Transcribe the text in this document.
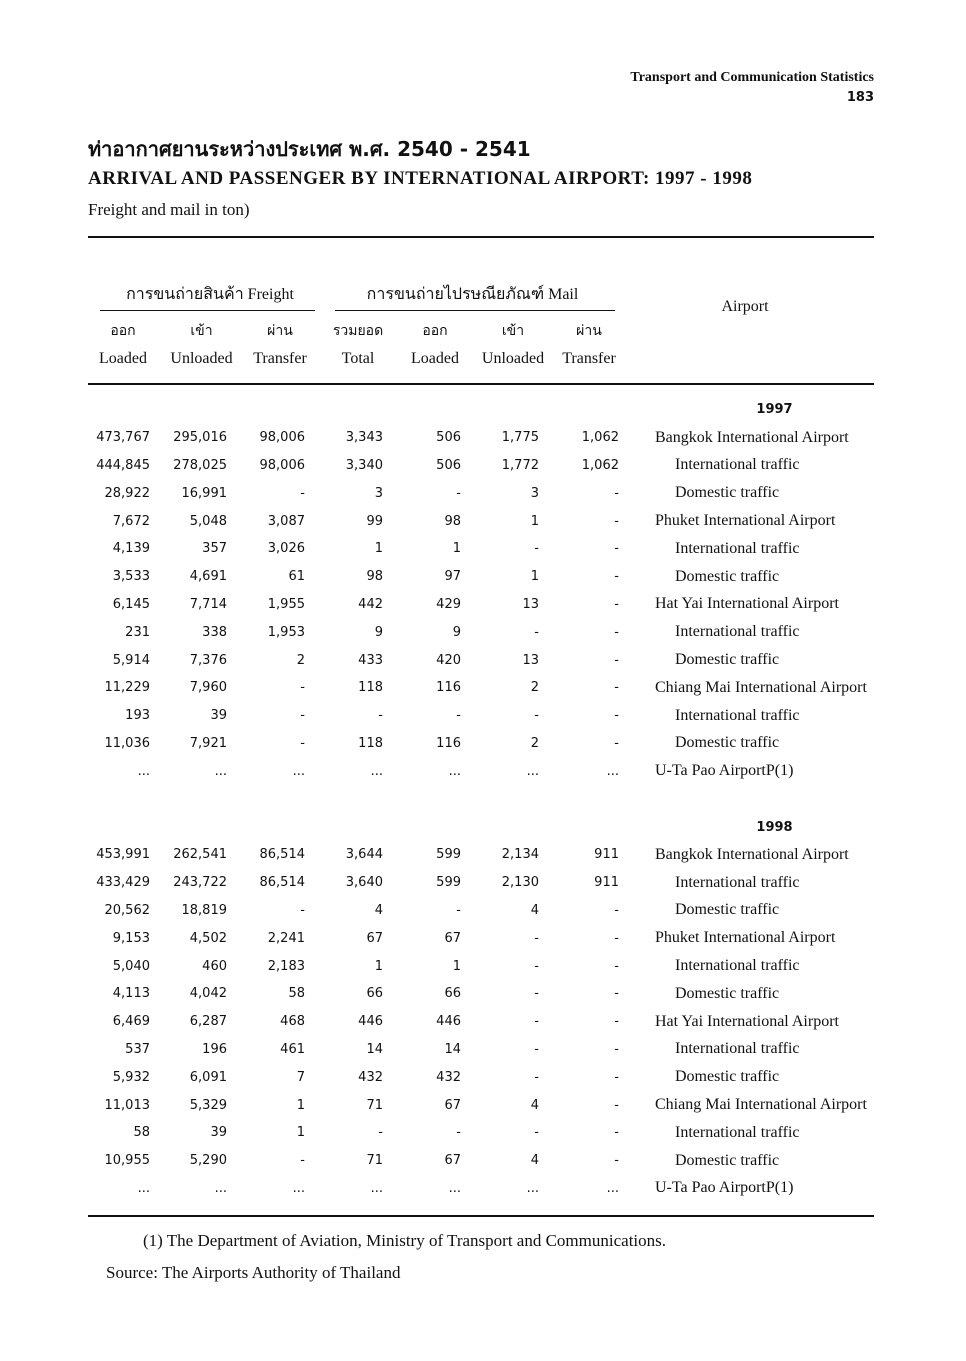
Transport and Communication Statistics
183
ท่าอากาศยานระหว่างประเทศ พ.ศ. 2540 - 2541
ARRIVAL AND PASSENGER BY INTERNATIONAL AIRPORT: 1997 - 1998
Freight and mail in ton)
การขนถ่ายสินค้า Freight	การขนถ่ายไปรษณียภัณฑ์ Mail
Airport
ออก	เข้า	ผ่าน	รวมยอด	ออก	เข้า	ผ่าน
Loaded	Unloaded	Transfer	Total	Loaded	Unloaded	Transfer
							1997
473,767	295,016	98,006	3,343	506	1,775	1,062	Bangkok International Airport
444,845	278,025	98,006	3,340	506	1,772	1,062	International traffic
28,922	16,991	-	3	-	3	-	Domestic traffic
7,672	5,048	3,087	99	98	1	-	Phuket International Airport
4,139	357	3,026	1	1	-	-	International traffic
3,533	4,691	61	98	97	1	-	Domestic traffic
6,145	7,714	1,955	442	429	13	-	Hat Yai International Airport
231	338	1,953	9	9	-	-	International traffic
5,914	7,376	2	433	420	13	-	Domestic traffic
11,229	7,960	-	118	116	2	-	Chiang Mai International Airport
193	39	-	-	-	-	-	International traffic
11,036	7,921	-	118	116	2	-	Domestic traffic
...	...	...	...	...	...	...	U-Ta Pao AirportP(1)

							1998
453,991	262,541	86,514	3,644	599	2,134	911	Bangkok International Airport
433,429	243,722	86,514	3,640	599	2,130	911	International traffic
20,562	18,819	-	4	-	4	-	Domestic traffic
9,153	4,502	2,241	67	67	-	-	Phuket International Airport
5,040	460	2,183	1	1	-	-	International traffic
4,113	4,042	58	66	66	-	-	Domestic traffic
6,469	6,287	468	446	446	-	-	Hat Yai International Airport
537	196	461	14	14	-	-	International traffic
5,932	6,091	7	432	432	-	-	Domestic traffic
11,013	5,329	1	71	67	4	-	Chiang Mai International Airport
58	39	1	-	-	-	-	International traffic
10,955	5,290	-	71	67	4	-	Domestic traffic
...	...	...	...	...	...	...	U-Ta Pao AirportP(1)
(1) The Department of Aviation, Ministry of Transport and Communications.
Source: The Airports Authority of Thailand
